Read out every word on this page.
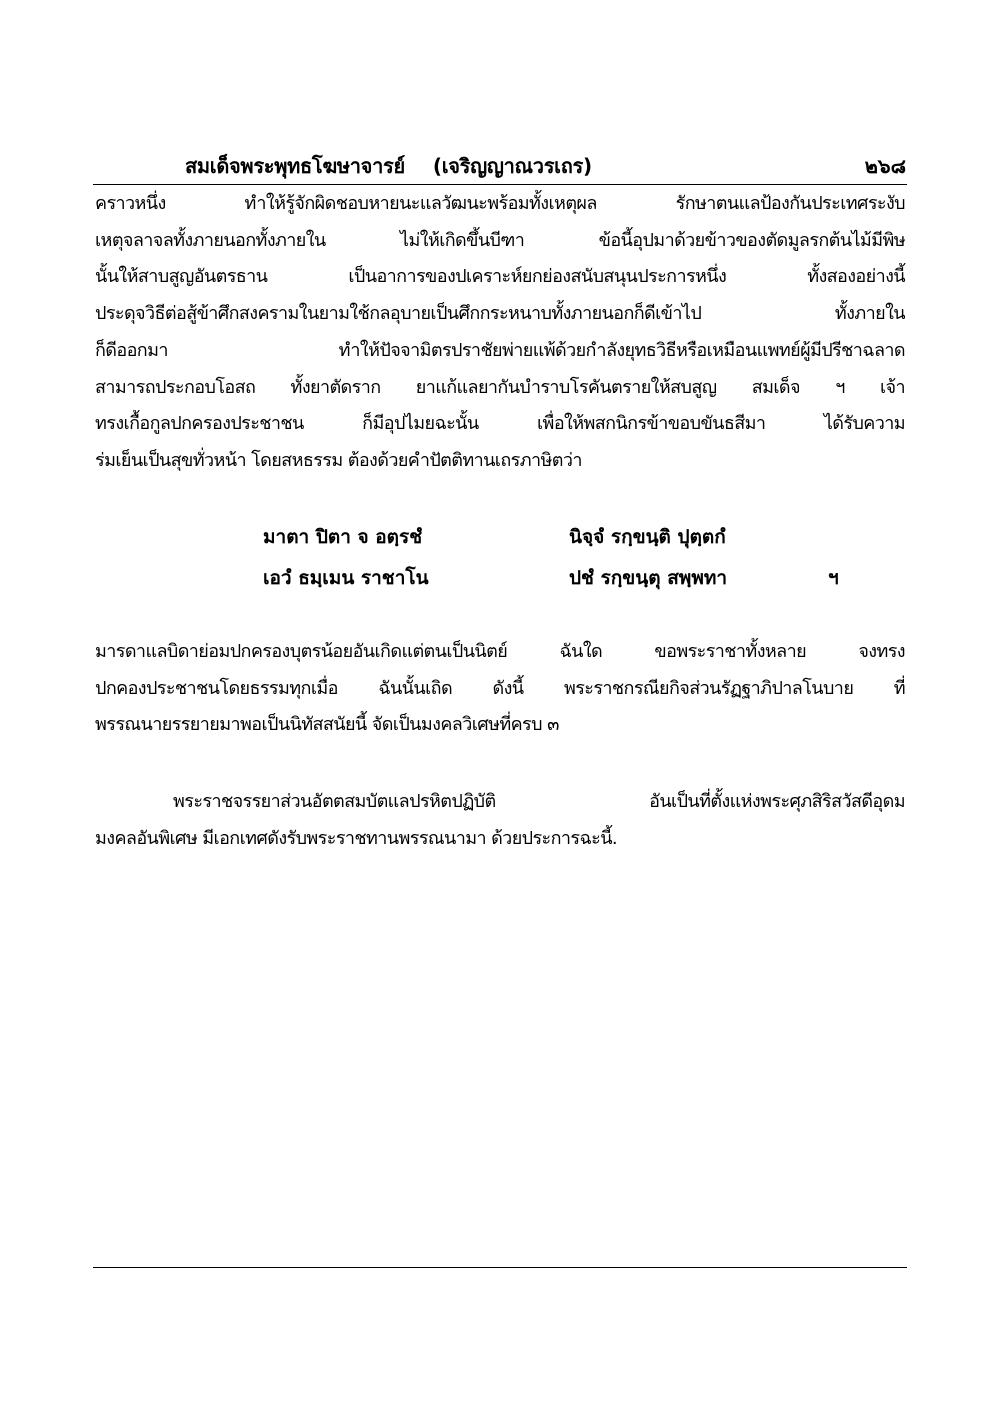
สมเด็จพระพุทธโฆษาจารย์ (เจริญญาณวรเถร)	๒๖๘
คราวหนึ่ง ทำให้รู้จักผิดชอบหายนะแลวัฒนะพร้อมทั้งเหตุผล รักษาตนแลป้องกันประเทศระงับ
เหตุจลาจลทั้งภายนอกทั้งภายใน ไม่ให้เกิดขึ้นบีฑา ข้อนี้อุปมาด้วยข้าวของตัดมูลรกต้นไม้มีพิษ
นั้นให้สาบสูญอันตรธาน เป็นอาการของปเคราะห์ยกย่องสนับสนุนประการหนึ่ง ทั้งสองอย่างนี้
ประดุจวิธีต่อสู้ข้าศึกสงครามในยามใช้กลอุบายเป็นศึกกระหนาบทั้งภายนอกก็ดีเข้าไป ทั้งภายใน
ก็ดีออกมา ทำให้ปัจจามิตรปราชัยพ่ายแพ้ด้วยกำลังยุทธวิธีหรือเหมือนแพทย์ผู้มีปรีชาฉลาด
สามารถประกอบโอสถ ทั้งยาตัดราก ยาแก้แลยากันบำราบโรคันตรายให้สบสูญ สมเด็จ ฯ เจ้า
ทรงเกื้อกูลปกครองประชาชน ก็มีอุปไมยฉะนั้น เพื่อให้พสกนิกรข้าขอบขันธสีมา ได้รับความ
ร่มเย็นเป็นสุขทั่วหน้า โดยสหธรรม ต้องด้วยคำปัตติทานเถรภาษิตว่า
มาตา ปิตา จ อตฺรชํ	นิจฺจํ รกฺขนฺติ ปุตฺตกํ
เอวํ ธมฺเมน ราชาโน	ปชํ รกฺขนฺตุ สพฺพทา	ฯ
มารดาแลบิดาย่อมปกครองบุตรน้อยอันเกิดแต่ตนเป็นนิตย์ ฉันใด ขอพระราชาทั้งหลาย จงทรง
ปกคองประชาชนโดยธรรมทุกเมื่อ ฉันนั้นเถิด ดังนี้ พระราชกรณียกิจส่วนรัฏฐาภิปาลโนบาย ที่
พรรณนายรรยายมาพอเป็นนิทัสสนัยนี้ จัดเป็นมงคลวิเศษที่ครบ ๓
พระราชจรรยาส่วนอัตตสมบัตแลปรหิตปฏิบัติ อันเป็นที่ตั้งแห่งพระศุภสิริสวัสดีอุดม
มงคลอันพิเศษ มีเอกเทศดังรับพระราชทานพรรณนามา ด้วยประการฉะนี้.
